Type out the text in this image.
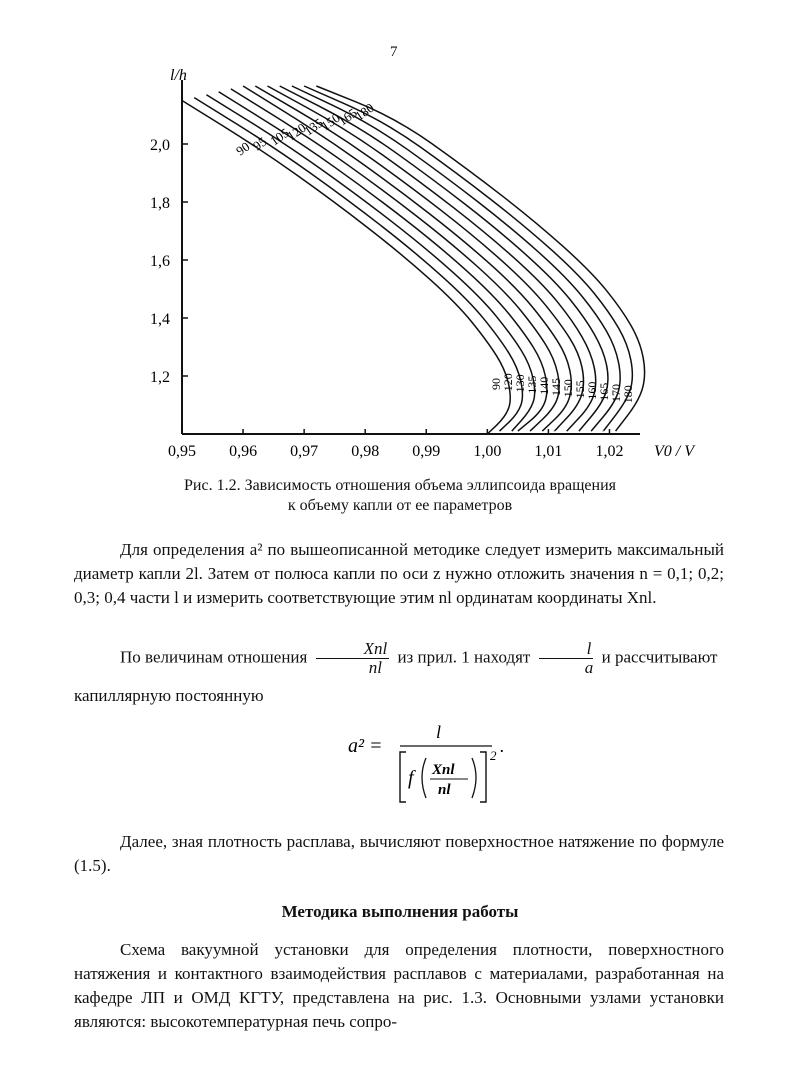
7
1,2
1,4
1,6
1,8
2,0
0,95 0,96 0,97 0,98 0,99 1,00 1,01 1,02
l/h
V0 / V
90
95
105
120
135
150
165
180
90
120
130
135
140
145
150
155
160
165
170
180
Рис. 1.2. Зависимость отношения объема эллипсоида вращения
к объему капли от ее параметров
Для определения a² по вышеописанной методике следует измерить максимальный диаметр капли 2l. Затем от полюса капли по оси z нужно отложить значения n = 0,1; 0,2; 0,3; 0,4 части l и измерить соответствующие этим nl ординатам координаты Xnl.
По величинам отношения $\frac{\text{Xnl}}{nl}$ из прил. 1 находят $\frac{l}{a}$ и рассчитывают
капиллярную постоянную
a² =
l
f Xnl
nl
2 .
Далее, зная плотность расплава, вычисляют поверхностное натяжение по формуле (1.5).
Методика выполнения работы
Схема вакуумной установки для определения плотности, поверхностного натяжения и контактного взаимодействия расплавов с материалами, разработанная на кафедре ЛП и ОМД КГТУ, представлена на рис. 1.3. Основными узлами установки являются: высокотемпературная печь сопро-
